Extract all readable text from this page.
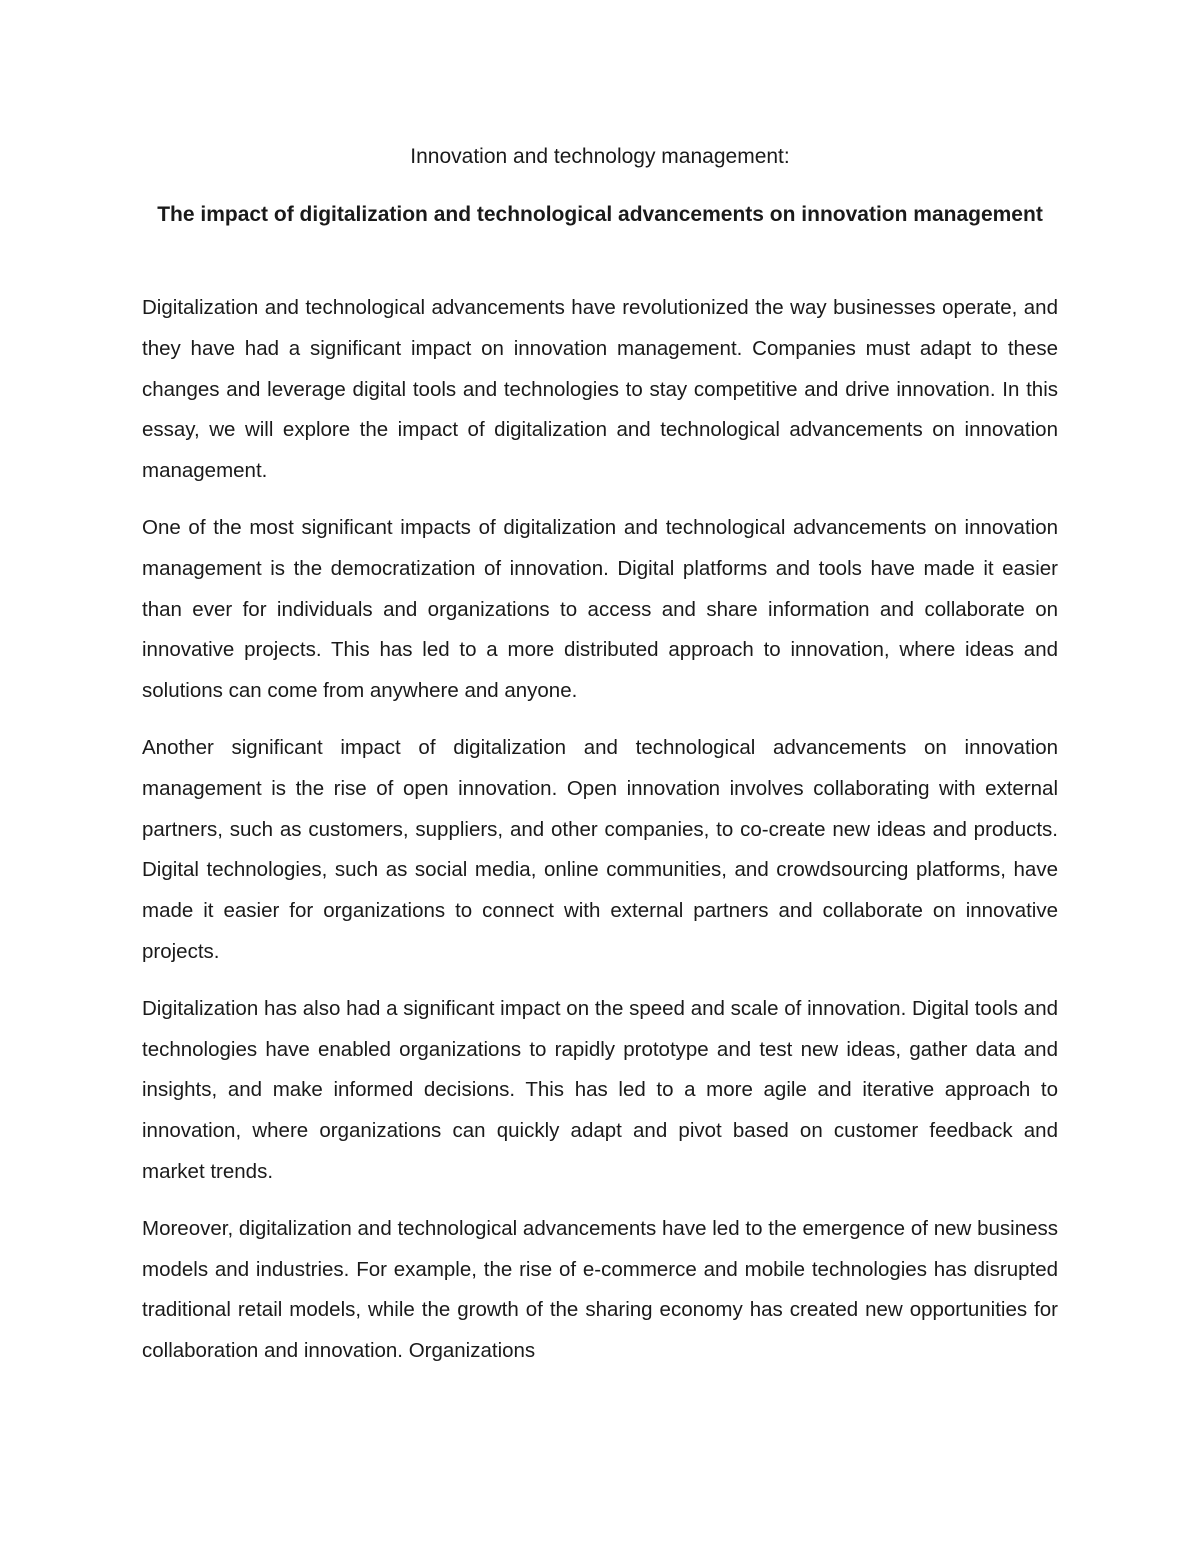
Innovation and technology management:
The impact of digitalization and technological advancements on innovation management

Digitalization and technological advancements have revolutionized the way businesses operate, and they have had a significant impact on innovation management. Companies must adapt to these changes and leverage digital tools and technologies to stay competitive and drive innovation. In this essay, we will explore the impact of digitalization and technological advancements on innovation management.

One of the most significant impacts of digitalization and technological advancements on innovation management is the democratization of innovation. Digital platforms and tools have made it easier than ever for individuals and organizations to access and share information and collaborate on innovative projects. This has led to a more distributed approach to innovation, where ideas and solutions can come from anywhere and anyone.

Another significant impact of digitalization and technological advancements on innovation management is the rise of open innovation. Open innovation involves collaborating with external partners, such as customers, suppliers, and other companies, to co-create new ideas and products. Digital technologies, such as social media, online communities, and crowdsourcing platforms, have made it easier for organizations to connect with external partners and collaborate on innovative projects.

Digitalization has also had a significant impact on the speed and scale of innovation. Digital tools and technologies have enabled organizations to rapidly prototype and test new ideas, gather data and insights, and make informed decisions. This has led to a more agile and iterative approach to innovation, where organizations can quickly adapt and pivot based on customer feedback and market trends.

Moreover, digitalization and technological advancements have led to the emergence of new business models and industries. For example, the rise of e-commerce and mobile technologies has disrupted traditional retail models, while the growth of the sharing economy has created new opportunities for collaboration and innovation. Organizations
